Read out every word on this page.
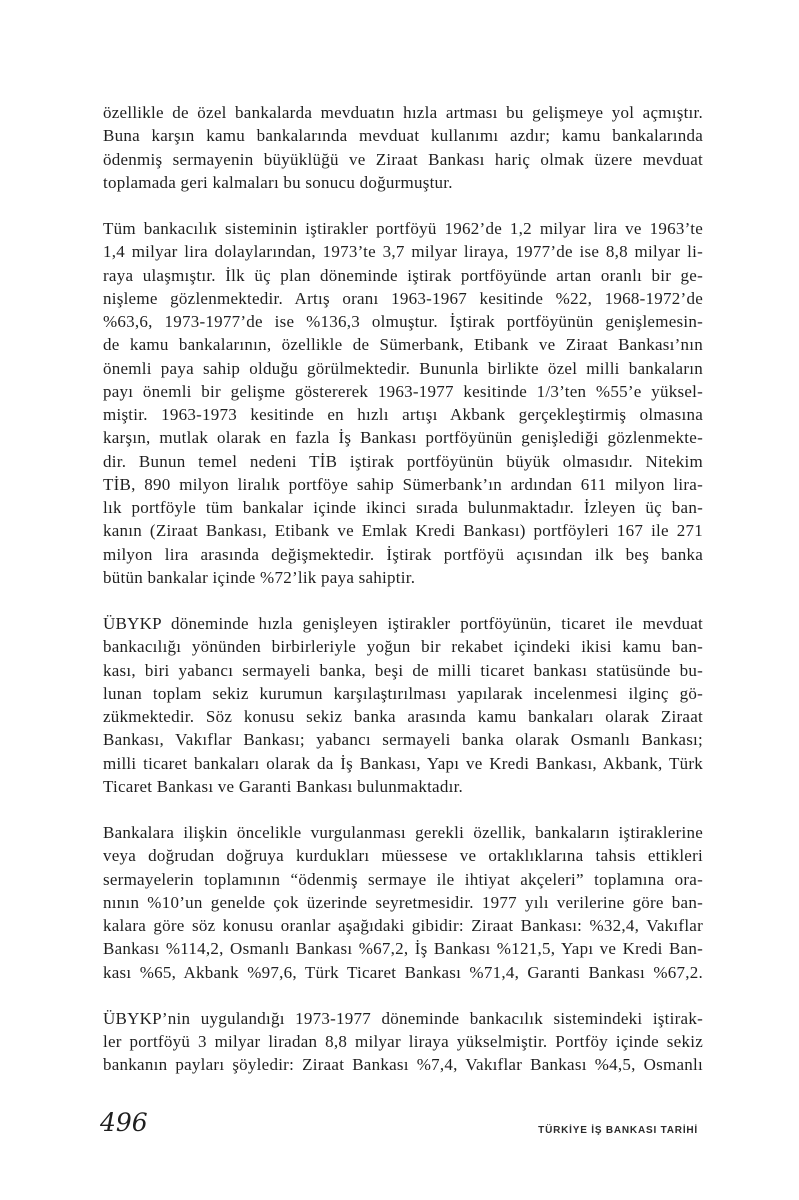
özellikle de özel bankalarda mevduatın hızla artması bu gelişmeye yol açmıştır.
Buna karşın kamu bankalarında mevduat kullanımı azdır; kamu bankalarında
ödenmiş sermayenin büyüklüğü ve Ziraat Bankası hariç olmak üzere mevduat
toplamada geri kalmaları bu sonucu doğurmuştur.
Tüm bankacılık sisteminin iştirakler portföyü 1962’de 1,2 milyar lira ve 1963’te
1,4 milyar lira dolaylarından, 1973’te 3,7 milyar liraya, 1977’de ise 8,8 milyar li-
raya ulaşmıştır. İlk üç plan döneminde iştirak portföyünde artan oranlı bir ge-
nişleme gözlenmektedir. Artış oranı 1963-1967 kesitinde %22, 1968-1972’de
%63,6, 1973-1977’de ise %136,3 olmuştur. İştirak portföyünün genişlemesin-
de kamu bankalarının, özellikle de Sümerbank, Etibank ve Ziraat Bankası’nın
önemli paya sahip olduğu görülmektedir. Bununla birlikte özel milli bankaların
payı önemli bir gelişme göstererek 1963-1977 kesitinde 1/3’ten %55’e yüksel-
miştir. 1963-1973 kesitinde en hızlı artışı Akbank gerçekleştirmiş olmasına
karşın, mutlak olarak en fazla İş Bankası portföyünün genişlediği gözlenmekte-
dir. Bunun temel nedeni TİB iştirak portföyünün büyük olmasıdır. Nitekim
TİB, 890 milyon liralık portföye sahip Sümerbank’ın ardından 611 milyon lira-
lık portföyle tüm bankalar içinde ikinci sırada bulunmaktadır. İzleyen üç ban-
kanın (Ziraat Bankası, Etibank ve Emlak Kredi Bankası) portföyleri 167 ile 271
milyon lira arasında değişmektedir. İştirak portföyü açısından ilk beş banka
bütün bankalar içinde %72’lik paya sahiptir.
ÜBYKP döneminde hızla genişleyen iştirakler portföyünün, ticaret ile mevduat
bankacılığı yönünden birbirleriyle yoğun bir rekabet içindeki ikisi kamu ban-
kası, biri yabancı sermayeli banka, beşi de milli ticaret bankası statüsünde bu-
lunan toplam sekiz kurumun karşılaştırılması yapılarak incelenmesi ilginç gö-
zükmektedir. Söz konusu sekiz banka arasında kamu bankaları olarak Ziraat
Bankası, Vakıflar Bankası; yabancı sermayeli banka olarak Osmanlı Bankası;
milli ticaret bankaları olarak da İş Bankası, Yapı ve Kredi Bankası, Akbank, Türk
Ticaret Bankası ve Garanti Bankası bulunmaktadır.
Bankalara ilişkin öncelikle vurgulanması gerekli özellik, bankaların iştiraklerine
veya doğrudan doğruya kurdukları müessese ve ortaklıklarına tahsis ettikleri
sermayelerin toplamının “ödenmiş sermaye ile ihtiyat akçeleri” toplamına ora-
nının %10’un genelde çok üzerinde seyretmesidir. 1977 yılı verilerine göre ban-
kalara göre söz konusu oranlar aşağıdaki gibidir: Ziraat Bankası: %32,4, Vakıflar
Bankası %114,2, Osmanlı Bankası %67,2, İş Bankası %121,5, Yapı ve Kredi Ban-
kası %65, Akbank %97,6, Türk Ticaret Bankası %71,4, Garanti Bankası %67,2.
ÜBYKP’nin uygulandığı 1973-1977 döneminde bankacılık sistemindeki iştirak-
ler portföyü 3 milyar liradan 8,8 milyar liraya yükselmiştir. Portföy içinde sekiz
bankanın payları şöyledir: Ziraat Bankası %7,4, Vakıflar Bankası %4,5, Osmanlı
496	TÜRKİYE İŞ BANKASI TARİHİ
